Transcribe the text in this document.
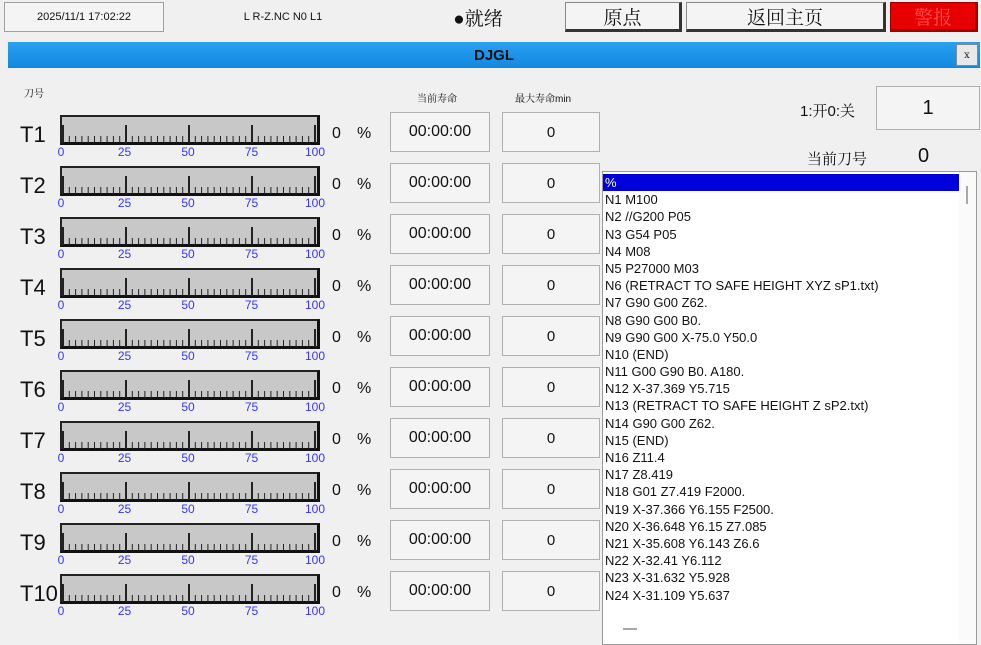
2025/11/1 17:02:22	L R-Z.NC N0 L1	●就绪	原点	返回主页	警报
DJGL	x
刀号	当前寿命	最大寿命min
T1
0	25	50	75	100
0 %	00:00:00	0
T2
0	25	50	75	100
0 %	00:00:00	0
T3
0	25	50	75	100
0 %	00:00:00	0
T4
0	25	50	75	100
0 %	00:00:00	0
T5
0	25	50	75	100
0 %	00:00:00	0
T6
0	25	50	75	100
0 %	00:00:00	0
T7
0	25	50	75	100
0 %	00:00:00	0
T8
0	25	50	75	100
0 %	00:00:00	0
T9
0	25	50	75	100
0 %	00:00:00	0
T10
0	25	50	75	100
0 %	00:00:00	0
1:开0:关	1
当前刀号	0
%
N1 M100
N2 //G200 P05
N3 G54 P05
N4 M08
N5 P27000 M03
N6 (RETRACT TO SAFE HEIGHT XYZ sP1.txt)
N7 G90 G00 Z62.
N8 G90 G00 B0.
N9 G90 G00 X-75.0 Y50.0
N10 (END)
N11 G00 G90 B0. A180.
N12 X-37.369 Y5.715
N13 (RETRACT TO SAFE HEIGHT Z sP2.txt)
N14 G90 G00 Z62.
N15 (END)
N16 Z11.4
N17 Z8.419
N18 G01 Z7.419 F2000.
N19 X-37.366 Y6.155 F2500.
N20 X-36.648 Y6.15 Z7.085
N21 X-35.608 Y6.143 Z6.6
N22 X-32.41 Y6.112
N23 X-31.632 Y5.928
N24 X-31.109 Y5.637
